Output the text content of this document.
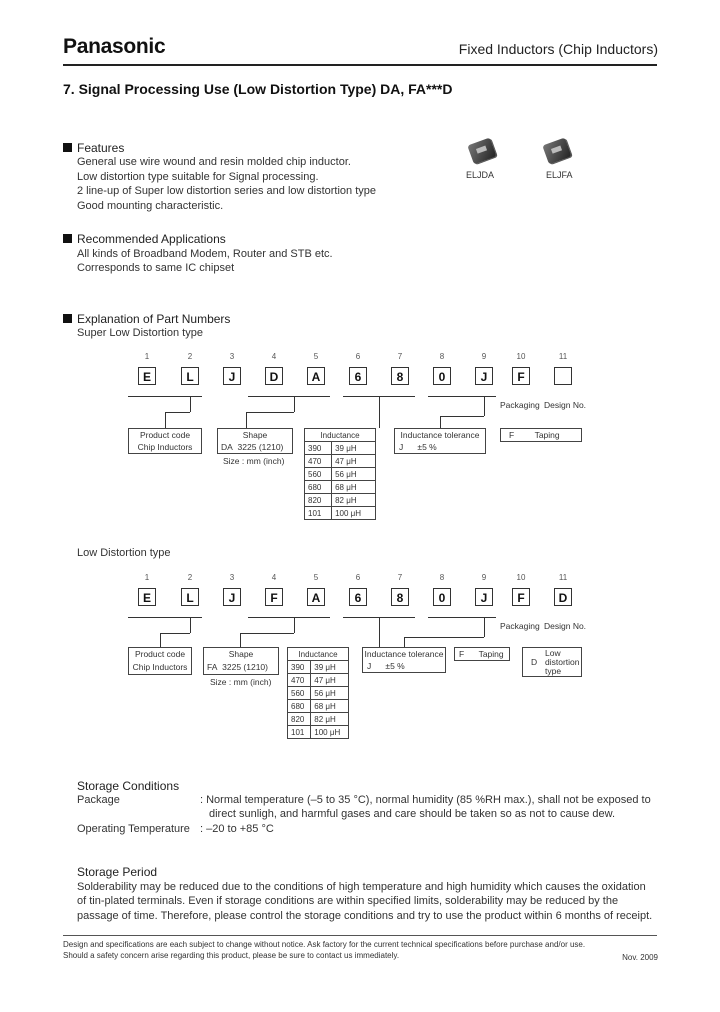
Panasonic	Fixed Inductors (Chip Inductors)
7. Signal Processing Use (Low Distortion Type) DA, FA***D
Features
General use wire wound and resin molded chip inductor.
Low distortion type suitable for Signal processing.
2 line-up of Super low distortion series and low distortion type
Good mounting characteristic.
ELJDA	ELJFA
Recommended Applications
All kinds of Broadband Modem, Router and STB etc.
Corresponds to same IC chipset
Explanation of Part Numbers
Super Low Distortion type
1	2	3	4	5	6	7	8	9	10	11
E	L	J	D	A	6	8	0	J	F
Packaging Design No.
Product code
Chip Inductors
Shape
DA 3225 (1210)
Size : mm (inch)
Inductance	
390	39 μH
470	47 μH
560	56 μH
680	68 μH
820	82 μH
101	100 μH
Inductance tolerance
J ±5 %
F Taping
Low Distortion type
1	2	3	4	5	6	7	8	9	10	11
E	L	J	F	A	6	8	0	J	F	D
Packaging Design No.
Product code
Chip Inductors
Shape
FA 3225 (1210)
Size : mm (inch)
Inductance	
390	39 μH
470	47 μH
560	56 μH
680	68 μH
820	82 μH
101	100 μH
Inductance tolerance
J ±5 %
F Taping
D
Low
distortion
type
Storage Conditions
Package	: Normal temperature (–5 to 35 °C), normal humidity (85 %RH max.), shall not be exposed to
direct sunligh, and harmful gases and care should be taken so as not to cause dew.
Operating Temperature : –20 to +85 °C
Storage Period
Solderability may be reduced due to the conditions of high temperature and high humidity which causes the oxidation
of tin-plated terminals. Even if storage conditions are within specified limits, solderability may be reduced by the
passage of time. Therefore, please control the storage conditions and try to use the product within 6 months of receipt.
Design and specifications are each subject to change without notice. Ask factory for the current technical specifications before purchase and/or use.
Should a safety concern arise regarding this product, please be sure to contact us immediately.	Nov. 2009
